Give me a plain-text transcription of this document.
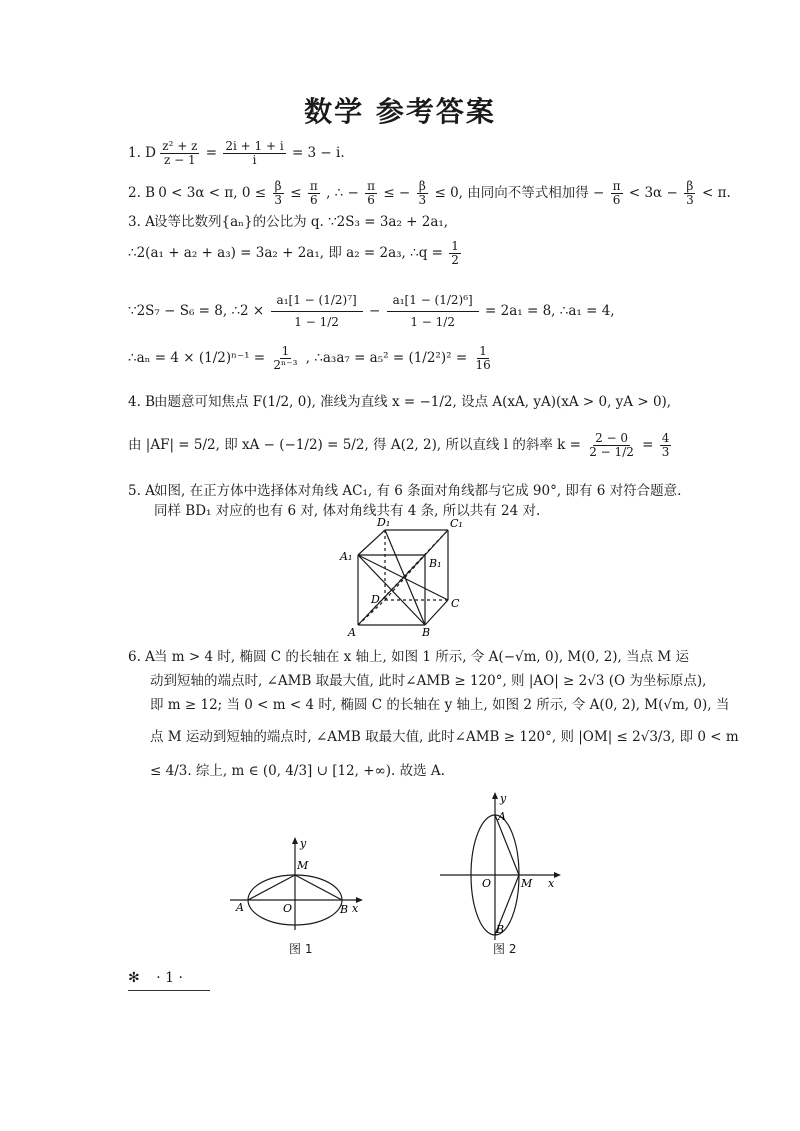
数学 参考答案
1. D $\frac{\text{z² + z}}{z - 1} = \frac{2i + 1 + i}{i} = 3 - i$.
2. B 0 < 3α < π, $0 \le \frac{\beta}{3} \le \frac{\pi}{6}$ , ∴ − $\frac{\pi}{6}$ ≤ − $\frac{\beta}{3} \le 0$, 由同向不等式相加得 − $\frac{\pi}{6} < 3\alpha - \frac{\beta}{3} < \pi$.
3. A设等比数列{aₙ}的公比为 q. ∵2S₃ = 3a₂ + 2a₁,
∴2(a₁ + a₂ + a₃) = 3a₂ + 2a₁, 即 a₂ = 2a₃, ∴q = $\frac{1}{2}$
∵2S₇ − S₆ = 8, ∴2 × $\frac{\text{a₁[1 − (1/2)⁷]}}{1 - 1/2} - \frac{\text{a₁[1 − (1/2)⁶]}}{1 - 1/2} = 2a_1 = 8$, ∴a₁ = 4,
∴aₙ = $4 \times (1/2)^{n-1} = \frac{1}{\text{2ⁿ⁻³}}$ , ∴a₃a₇ = $a_5^2 = (1/2^2)^2 = \frac{1}{16}$
4. B由题意可知焦点 F(1/2, 0), 准线为直线 x = −1/2, 设点 A(xA, yA)(xA > 0, yA > 0),
由 |AF| = 5/2, 即 xA − (−1/2) = 5/2, 得 A(2, 2), 所以直线 l 的斜率 $k = \frac{2 - 0}{2 - 1/2} = \frac{4}{3}$
5. A如图, 在正方体中选择体对角线 AC₁, 有 6 条面对角线都与它成 90°, 即有 6 对符合题意.
同样 BD₁ 对应的也有 6 对, 体对角线共有 4 条, 所以共有 24 对.
A₁
D₁	C₁
B₁
D	C
A	B
6. A当 m > 4 时, 椭圆 C 的长轴在 x 轴上, 如图 1 所示, 令 A(−√m, 0), M(0, 2), 当点 M 运
动到短轴的端点时, ∠AMB 取最大值, 此时∠AMB ≥ 120°, 则 |AO| ≥ 2√3 (O 为坐标原点),
即 m ≥ 12; 当 0 < m < 4 时, 椭圆 C 的长轴在 y 轴上, 如图 2 所示, 令 A(0, 2), M(√m, 0), 当
点 M 运动到短轴的端点时, ∠AMB 取最大值, 此时∠AMB ≥ 120°, 则 |OM| ≤ 2√3/3, 即 0 < m
≤ 4/3. 综上, m ∈ (0, 4/3] ∪ [12, +∞). 故选 A.
y
M
A	O	B x
图 1
y
A
O	M x
B
图 2
✻ · 1 ·
